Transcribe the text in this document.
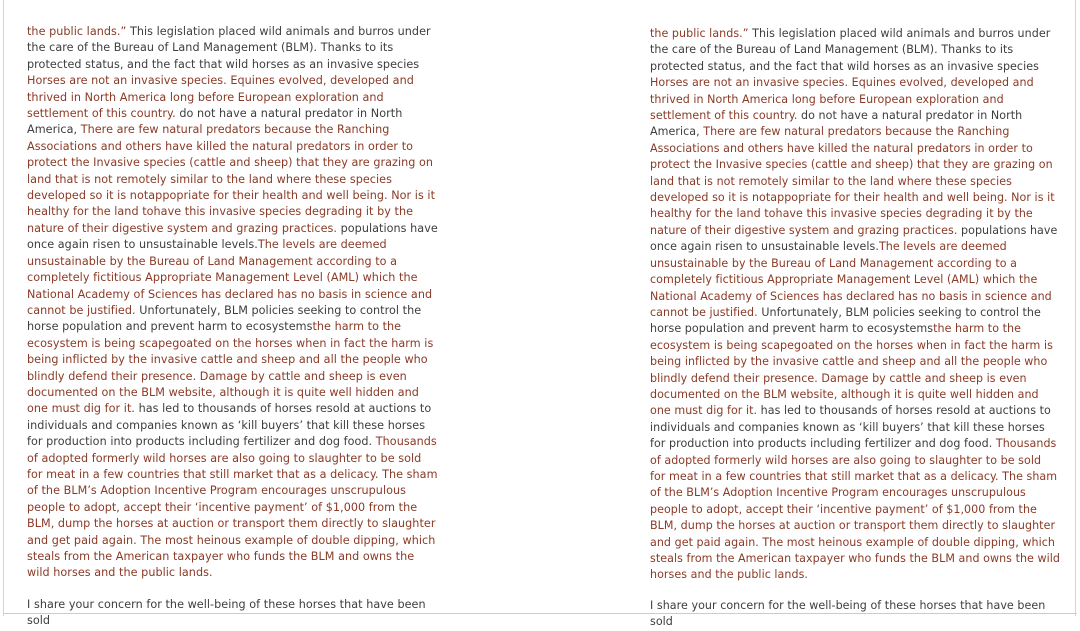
the public lands.” This legislation placed wild animals and burros under the care of the Bureau of Land Management (BLM). Thanks to its protected status, and the fact that wild horses as an invasive species Horses are not an invasive species. Equines evolved, developed and thrived in North America long before European exploration and settlement of this country. do not have a natural predator in North America, There are few natural predators because the Ranching Associations and others have killed the natural predators in order to protect the Invasive species (cattle and sheep) that they are grazing on land that is not remotely similar to the land where these species developed so it is notappopriate for their health and well being. Nor is it healthy for the land tohave this invasive species degrading it by the nature of their digestive system and grazing practices. populations have once again risen to unsustainable levels.The levels are deemed unsustainable by the Bureau of Land Management according to a completely fictitious Appropriate Management Level (AML) which the National Academy of Sciences has declared has no basis in science and cannot be justified. Unfortunately, BLM policies seeking to control the horse population and prevent harm to ecosystemsthe harm to the ecosystem is being scapegoated on the horses when in fact the harm is being inflicted by the invasive cattle and sheep and all the people who blindly defend their presence. Damage by cattle and sheep is even documented on the BLM website, although it is quite well hidden and one must dig for it. has led to thousands of horses resold at auctions to individuals and companies known as ‘kill buyers’ that kill these horses for production into products including fertilizer and dog food. Thousands of adopted formerly wild horses are also going to slaughter to be sold for meat in a few countries that still market that as a delicacy. The sham of the BLM’s Adoption Incentive Program encourages unscrupulous people to adopt, accept their ‘incentive payment’ of $1,000 from the BLM, dump the horses at auction or transport them directly to slaughter and get paid again. The most heinous example of double dipping, which steals from the American taxpayer who funds the BLM and owns the wild horses and the public lands.

I share your concern for the well-being of these horses that have been sold

the public lands.” This legislation placed wild animals and burros under the care of the Bureau of Land Management (BLM). Thanks to its protected status, and the fact that wild horses as an invasive species Horses are not an invasive species. Equines evolved, developed and thrived in North America long before European exploration and settlement of this country. do not have a natural predator in North America, There are few natural predators because the Ranching Associations and others have killed the natural predators in order to protect the Invasive species (cattle and sheep) that they are grazing on land that is not remotely similar to the land where these species developed so it is notappopriate for their health and well being. Nor is it healthy for the land tohave this invasive species degrading it by the nature of their digestive system and grazing practices. populations have once again risen to unsustainable levels.The levels are deemed unsustainable by the Bureau of Land Management according to a completely fictitious Appropriate Management Level (AML) which the National Academy of Sciences has declared has no basis in science and cannot be justified. Unfortunately, BLM policies seeking to control the horse population and prevent harm to ecosystemsthe harm to the ecosystem is being scapegoated on the horses when in fact the harm is being inflicted by the invasive cattle and sheep and all the people who blindly defend their presence. Damage by cattle and sheep is even documented on the BLM website, although it is quite well hidden and one must dig for it. has led to thousands of horses resold at auctions to individuals and companies known as ‘kill buyers’ that kill these horses for production into products including fertilizer and dog food. Thousands of adopted formerly wild horses are also going to slaughter to be sold for meat in a few countries that still market that as a delicacy. The sham of the BLM’s Adoption Incentive Program encourages unscrupulous people to adopt, accept their ‘incentive payment’ of $1,000 from the BLM, dump the horses at auction or transport them directly to slaughter and get paid again. The most heinous example of double dipping, which steals from the American taxpayer who funds the BLM and owns the wild horses and the public lands.

I share your concern for the well-being of these horses that have been sold
